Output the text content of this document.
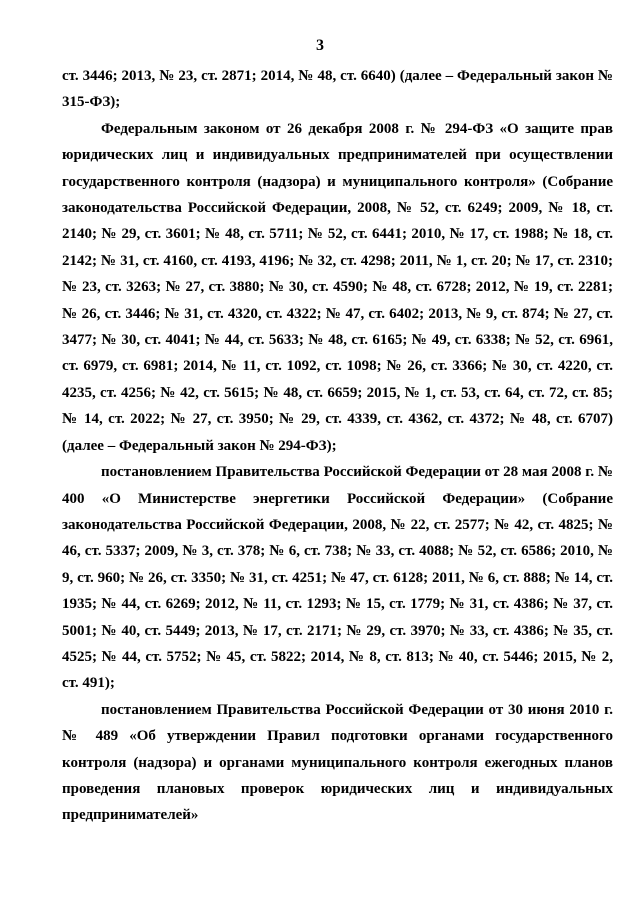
3

ст. 3446; 2013, № 23, ст. 2871; 2014, № 48, ст. 6640) (далее – Федеральный закон № 315-ФЗ);

Федеральным законом от 26 декабря 2008 г. № 294-ФЗ «О защите прав юридических лиц и индивидуальных предпринимателей при осуществлении государственного контроля (надзора) и муниципального контроля» (Собрание законодательства Российской Федерации, 2008, № 52, ст. 6249; 2009, № 18, ст. 2140; № 29, ст. 3601; № 48, ст. 5711; № 52, ст. 6441; 2010, № 17, ст. 1988; № 18, ст. 2142; № 31, ст. 4160, ст. 4193, 4196; № 32, ст. 4298; 2011, № 1, ст. 20; № 17, ст. 2310; № 23, ст. 3263; № 27, ст. 3880; № 30, ст. 4590; № 48, ст. 6728; 2012, № 19, ст. 2281; № 26, ст. 3446; № 31, ст. 4320, ст. 4322; № 47, ст. 6402; 2013, № 9, ст. 874; № 27, ст. 3477; № 30, ст. 4041; № 44, ст. 5633; № 48, ст. 6165; № 49, ст. 6338; № 52, ст. 6961, ст. 6979, ст. 6981; 2014, № 11, ст. 1092, ст. 1098; № 26, ст. 3366; № 30, ст. 4220, ст. 4235, ст. 4256; № 42, ст. 5615; № 48, ст. 6659; 2015, № 1, ст. 53, ст. 64, ст. 72, ст. 85; № 14, ст. 2022; № 27, ст. 3950; № 29, ст. 4339, ст. 4362, ст. 4372; № 48, ст. 6707) (далее – Федеральный закон № 294-ФЗ);

постановлением Правительства Российской Федерации от 28 мая 2008 г. № 400 «О Министерстве энергетики Российской Федерации» (Собрание законодательства Российской Федерации, 2008, № 22, ст. 2577; № 42, ст. 4825; № 46, ст. 5337; 2009, № 3, ст. 378; № 6, ст. 738; № 33, ст. 4088; № 52, ст. 6586; 2010, № 9, ст. 960; № 26, ст. 3350; № 31, ст. 4251; № 47, ст. 6128; 2011, № 6, ст. 888; № 14, ст. 1935; № 44, ст. 6269; 2012, № 11, ст. 1293; № 15, ст. 1779; № 31, ст. 4386; № 37, ст. 5001; № 40, ст. 5449; 2013, № 17, ст. 2171; № 29, ст. 3970; № 33, ст. 4386; № 35, ст. 4525; № 44, ст. 5752; № 45, ст. 5822; 2014, № 8, ст. 813; № 40, ст. 5446; 2015, № 2, ст. 491);

постановлением Правительства Российской Федерации от 30 июня 2010 г. № 489 «Об утверждении Правил подготовки органами государственного контроля (надзора) и органами муниципального контроля ежегодных планов проведения плановых проверок юридических лиц и индивидуальных предпринимателей»
